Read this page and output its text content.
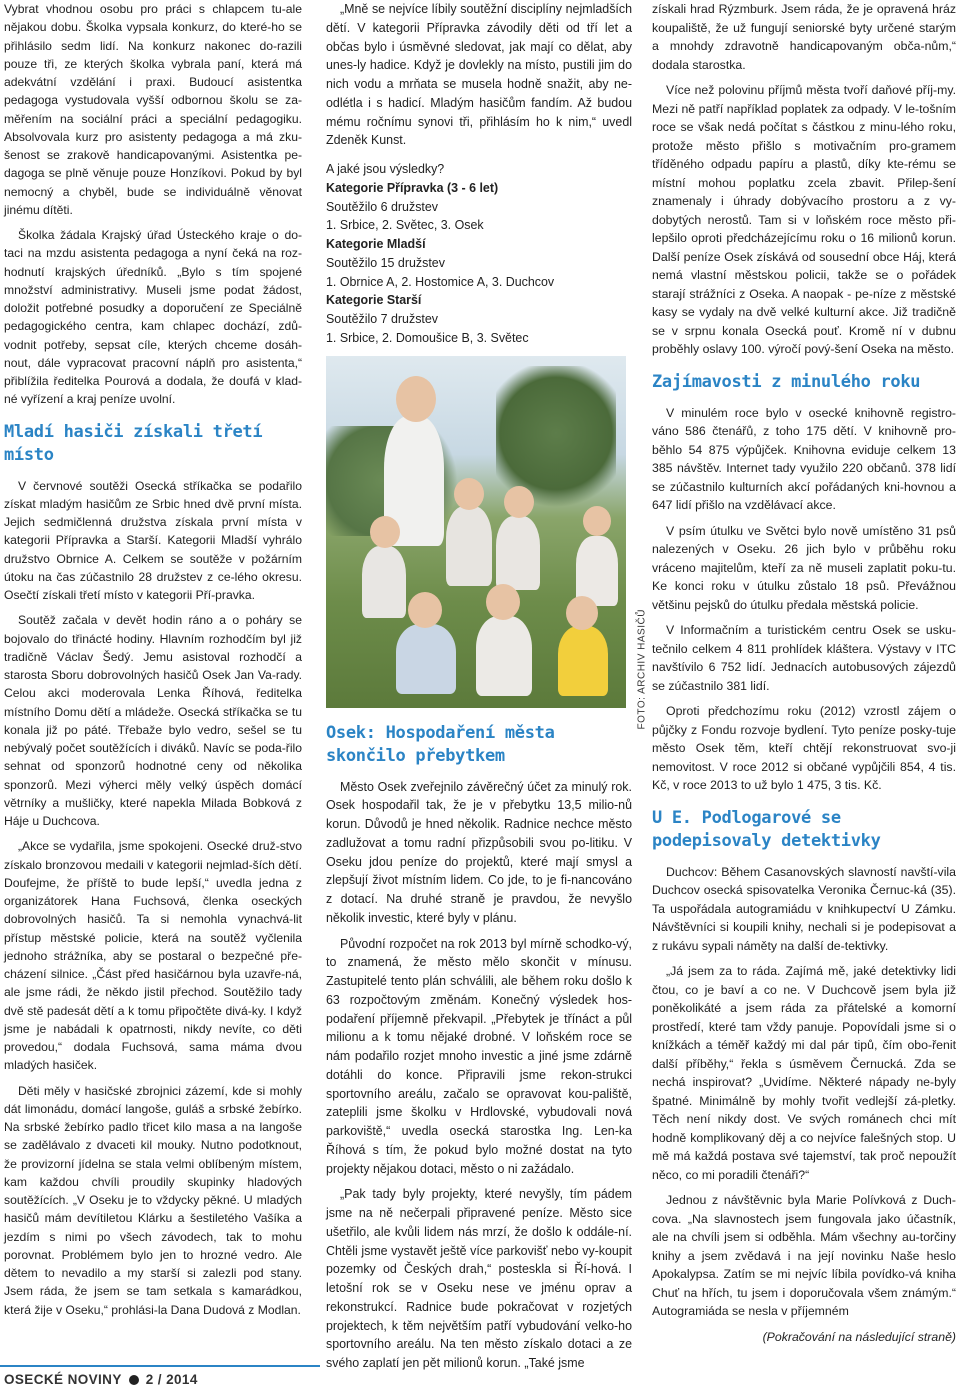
Vybrat vhodnou osobu pro práci s chlapcem tu-ale nějakou dobu. Školka vypsala konkurz, do které-ho se přihlásilo sedm lidí. Na konkurz nakonec do-razili pouze tři, ze kterých školka vybrala paní, která má adekvátní vzdělání i praxi. Budoucí asistentka pedagoga vystudovala vyšší odbornou školu se za-měřením na sociální práci a speciální pedagogiku. Absolvovala kurz pro asistenty pedagoga a má zku-šenost se zrakově handicapovanými. Asistentka pe-dagoga se plně věnuje pouze Honzíkovi. Pokud by byl nemocný a chyběl, bude se individuálně věnovat jinému dítěti.

Školka žádala Krajský úřad Ústeckého kraje o do-taci na mzdu asistenta pedagoga a nyní čeká na roz-hodnutí krajských úředníků. „Bylo s tím spojené množství administrativy. Museli jsme podat žádost, doložit potřebné posudky a doporučení ze Speciálně pedagogického centra, kam chlapec dochází, zdů-vodnit potřeby, sepsat cíle, kterých chceme dosáh-nout, dále vypracovat pracovní náplň pro asistenta,“ přiblížila ředitelka Pourová a dodala, že doufá v klad-né vyřízení a kraj peníze uvolní.

Mladí hasiči získali třetí místo

V červnové soutěži Osecká stříkačka se podařilo získat mladým hasičům ze Srbic hned dvě první místa. Jejich sedmičlenná družstva získala první místa v kategorii Přípravka a Starší. Kategorii Mladší vyhrálo družstvo Obrnice A. Celkem se soutěže v požárním útoku na čas zúčastnilo 28 družstev z ce-lého okresu. Osečtí získali třetí místo v kategorii Pří-pravka.

Soutěž začala v devět hodin ráno a o poháry se bojovalo do třinácté hodiny. Hlavním rozhodčím byl již tradičně Václav Šedý. Jemu asistoval rozhodčí a starosta Sboru dobrovolných hasičů Osek Jan Va-rady. Celou akci moderovala Lenka Říhová, ředitelka místního Domu dětí a mládeže. Osecká stříkačka se tu konala již po páté. Třebaže bylo vedro, sešel se tu nebývalý počet soutěžících i diváků. Navíc se poda-řilo sehnat od sponzorů hodnotné ceny od několika sponzorů. Mezi výherci měly velký úspěch domácí větrníky a mušličky, které napekla Milada Bobková z Háje u Duchcova.

„Akce se vydařila, jsme spokojeni. Osecké druž-stvo získalo bronzovou medaili v kategorii nejmlad-ších dětí. Doufejme, že příště to bude lepší,“ uvedla jedna z organizátorek Hana Fuchsová, členka oseckých dobrovolných hasičů. Ta si nemohla vynachvá-lit přístup městské policie, která na soutěž vyčlenila jednoho strážníka, aby se postaral o bezpečné pře-cházení silnice. „Část před hasičárnou byla uzavře-ná, ale jsme rádi, že někdo jistil přechod. Soutěžilo tady dvě stě padesát dětí a k tomu připočtěte divá-ky. I když jsme je nabádali k opatrnosti, nikdy nevíte, co děti provedou,“ dodala Fuchsová, sama máma dvou mladých hasiček.

Děti měly v hasičské zbrojnici zázemí, kde si mohly dát limonádu, domácí langoše, guláš a srbské žebírko. Na srbské žebírko padlo třicet kilo masa a na langoše se zadělávalo z dvaceti kil mouky. Nutno podotknout, že provizorní jídelna se stala velmi oblíbeným místem, kam každou chvíli proudily skupinky hladových soutěžících. „V Oseku je to vždycky pěkné. U mladých hasičů mám devítiletou Klárku a šestiletého Vašíka a jezdím s nimi po všech závodech, tak to mohu porovnat. Problémem bylo jen to hrozné vedro. Ale dětem to nevadilo a my starší si zalezli pod stany. Jsem ráda, že jsem se tam setkala s kamarádkou, která žije v Oseku,“ prohlási-la Dana Dudová z Modlan.

„Mně se nejvíce líbily soutěžní disciplíny nejmladších dětí. V kategorii Přípravka závodily děti od tří let a občas bylo i úsměvné sledovat, jak mají co dělat, aby unes-ly hadice. Když je dovlekly na místo, pustili jim do nich vodu a mrňata se musela hodně snažit, aby ne-odlétla i s hadicí. Mladým hasičům fandím. Až budou mému ročnímu synovi tři, přihlásím ho k nim,“ uvedl Zdeněk Kunst.

A jaké jsou výsledky?

Kategorie Přípravka (3 - 6 let)

Soutěžilo 6 družstev

1. Srbice, 2. Světec, 3. Osek

Kategorie Mladší

Soutěžilo 15 družstev

1. Obrnice A, 2. Hostomice A, 3. Duchcov

Kategorie Starší

Soutěžilo 7 družstev

1. Srbice, 2. Domoušice B, 3. Světec

FOTO: ARCHIV HASIČŮ
Osek: Hospodaření města skončilo přebytkem

Město Osek zveřejnilo závěrečný účet za minulý rok. Osek hospodařil tak, že je v přebytku 13,5 milio-nů korun. Důvodů je hned několik. Radnice nechce město zadlužovat a tomu radní přizpůsobili svou po-litiku. V Oseku jdou peníze do projektů, které mají smysl a zlepšují život místním lidem. Co jde, to je fi-nancováno z dotací. Na druhé straně je pravdou, že nevyšlo několik investic, které byly v plánu.

Původní rozpočet na rok 2013 byl mírně schodko-vý, to znamená, že město mělo skončit v mínusu. Zastupitelé tento plán schválili, ale během roku došlo k 63 rozpočtovým změnám. Konečný výsledek hos-podaření příjemně překvapil. „Přebytek je třínáct a půl milionu a k tomu nějaké drobné. V loňském roce se nám podařilo rozjet mnoho investic a jiné jsme zdárně dotáhli do konce. Připravili jsme rekon-strukci sportovního areálu, začalo se opravovat kou-paliště, zateplili jsme školku v Hrdlovské, vybudovali nová parkoviště,“ uvedla osecká starostka Ing. Len-ka Říhová s tím, že pokud bylo možné dostat na tyto projekty nějakou dotaci, město o ni zažádalo.

„Pak tady byly projekty, které nevyšly, tím pádem jsme na ně nečerpali připravené peníze. Město sice ušetřilo, ale kvůli lidem nás mrzí, že došlo k oddále-ní. Chtěli jsme vystavět ještě více parkovišť nebo vy-koupit pozemky od Českých drah,“ posteskla si Ří-hová. I letošní rok se v Oseku nese ve jménu oprav a rekonstrukcí. Radnice bude pokračovat v rozjetých projektech, k těm největším patří vybudování velko-ho sportovního areálu. Na ten město získalo dotaci a ze svého zaplatí jen pět milionů korun. „Také jsme

získali hrad Rýzmburk. Jsem ráda, že je opravená hráz koupaliště, že už fungují seniorské byty určené starým a mnohdy zdravotně handicapovaným obča-nům,“ dodala starostka.

Více než polovinu příjmů města tvoří daňové příj-my. Mezi ně patří například poplatek za odpady. V le-tošním roce se však nedá počítat s částkou z minu-lého roku, protože město přišlo s motivačním pro-gramem tříděného odpadu papíru a plastů, díky kte-rému se místní mohou poplatku zcela zbavit. Přilep-šení znamenaly i úhrady dobývacího prostoru a z vy-dobytých nerostů. Tam si v loňském roce město při-lepšilo oproti předcházejícímu roku o 16 milionů korun. Další peníze Osek získává od sousední obce Háj, která nemá vlastní městskou policii, takže se o pořádek starají strážníci z Oseka. A naopak - pe-níze z městské kasy se vydaly na dvě velké kulturní akce. Již tradičně se v srpnu konala Osecká pouť. Kromě ní v dubnu proběhly oslavy 100. výročí pový-šení Oseka na město.

Zajímavosti z minulého roku

V minulém roce bylo v osecké knihovně registro-váno 586 čtenářů, z toho 175 dětí. V knihovně pro-běhlo 54 875 výpůjček. Knihovna eviduje celkem 13 385 návštěv. Internet tady využilo 220 občanů. 378 lidí se zúčastnilo kulturních akcí pořádaných kni-hovnou a 647 lidí přišlo na vzdělávací akce.

V psím útulku ve Světci bylo nově umístěno 31 psů nalezených v Oseku. 26 jich bylo v průběhu roku vráceno majitelům, kteří za ně museli zaplatit poku-tu. Ke konci roku v útulku zůstalo 18 psů. Převážnou většinu pejsků do útulku předala městská policie.

V Informačním a turistickém centru Osek se usku-tečnilo celkem 4 811 prohlídek kláštera. Výstavy v ITC navštívilo 6 752 lidí. Jednacích autobusových zájezdů se zúčastnilo 381 lidí.

Oproti předchozímu roku (2012) vzrostl zájem o půjčky z Fondu rozvoje bydlení. Tyto peníze posky-tuje město Osek těm, kteří chtějí rekonstruovat svo-ji nemovitost. V roce 2012 si občané vypůjčili 854, 4 tis. Kč, v roce 2013 to už bylo 1 475, 3 tis. Kč.

U E. Podlogarové se podepisovaly detektivky

Duchcov: Během Casanovských slavností navští-vila Duchcov osecká spisovatelka Veronika Černuc-ká (35). Ta uspořádala autogramiádu v knihkupectví U Zámku. Návštěvníci si koupili knihy, nechali si je podepisovat a z rukávu sypali náměty na další de-tektivky.

„Já jsem za to ráda. Zajímá mě, jaké detektivky lidi čtou, co je baví a co ne. V Duchcově jsem byla již poněkolikáté a jsem ráda za přátelské a komorní prostředí, které tam vždy panuje. Popovídali jsme si o knížkách a téměř každý mi dal pár tipů, čím obo-řenit další příběhy,“ řekla s úsměvem Černucká. Zda se nechá inspirovat? „Uvidíme. Některé nápady ne-byly špatné. Minimálně by mohly tvořit vedlejší zá-pletky. Těch není nikdy dost. Ve svých románech chci mít hodně komplikovaný děj a co nejvíce falešných stop. U mě má každá postava své tajemství, tak proč nepoužít něco, co mi poradili čtenáři?“

Jednou z návštěvnic byla Marie Polívková z Duch-cova. „Na slavnostech jsem fungovala jako účastník, ale na chvíli jsem si odběhla. Mám všechny au-torčiny knihy a jsem zvědavá i na její novinku Naše heslo Apokalypsa. Zatím se mi nejvíc líbila povídko-vá kniha Chuť na hřích, tu jsem i doporučovala všem známým.“ Autogramiáda se nesla v příjemném

(Pokračování na následující straně)

OSECKÉ NOVINY 2 / 2014
